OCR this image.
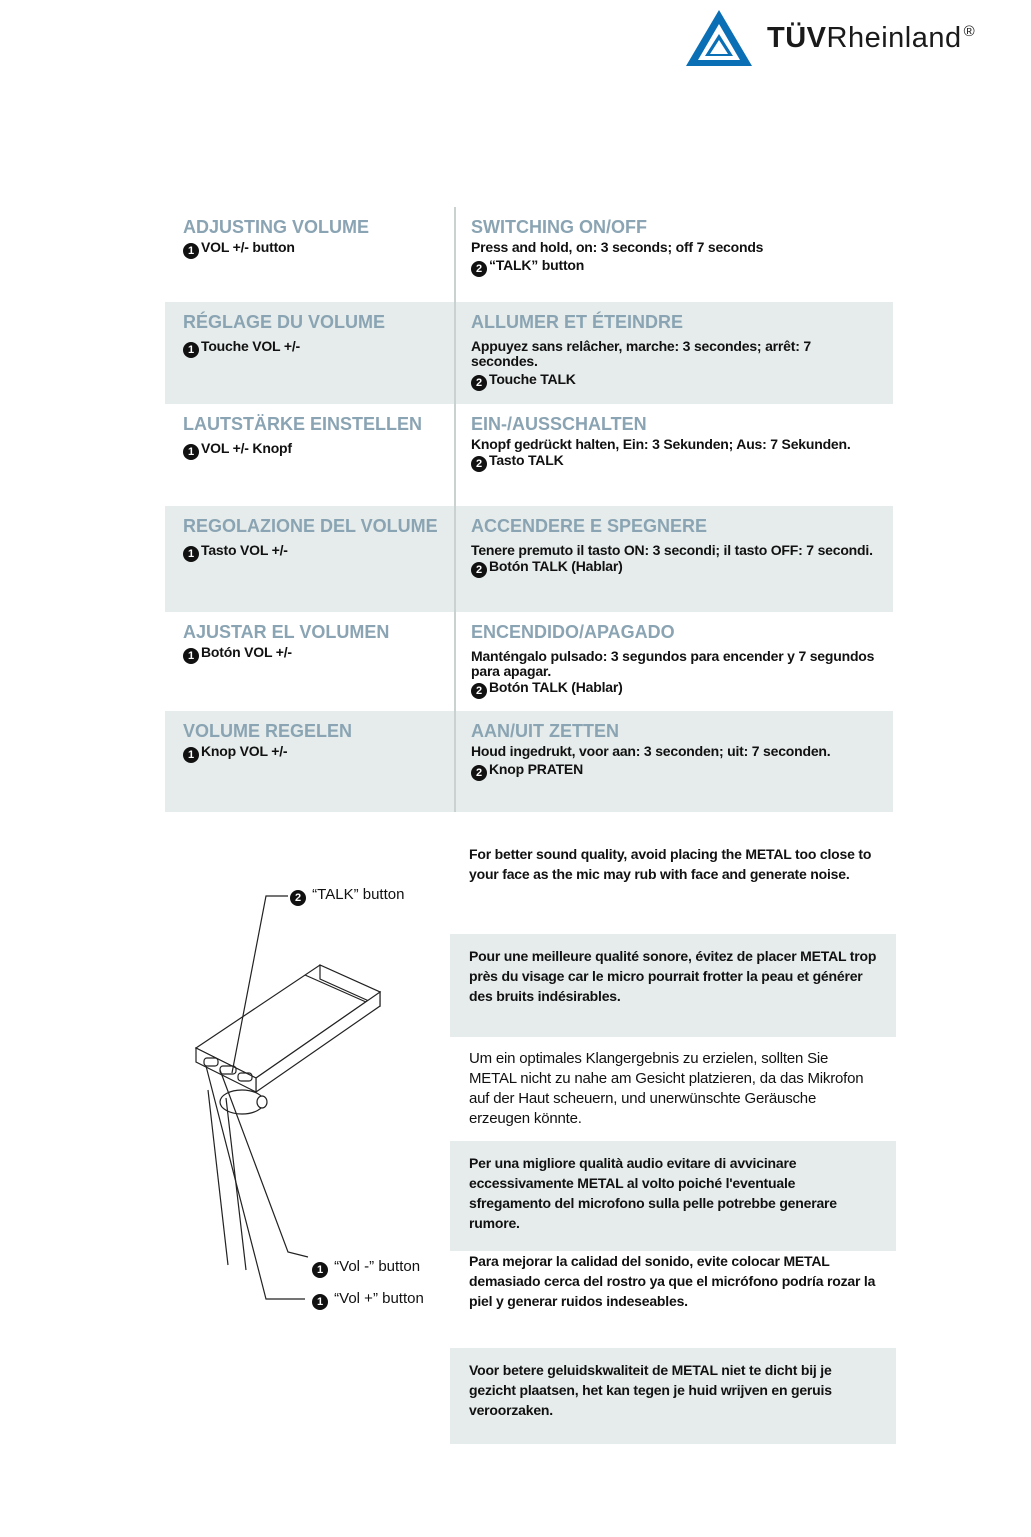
TÜVRheinland ®
ADJUSTING VOLUME
1 VOL +/- button
SWITCHING ON/OFF
Press and hold, on: 3 seconds; off 7 seconds
2 “TALK” button
RÉGLAGE DU VOLUME
1 Touche VOL +/-
ALLUMER ET ÉTEINDRE
Appuyez sans relâcher, marche: 3 secondes; arrêt: 7 secondes.
2 Touche TALK
LAUTSTÄRKE EINSTELLEN
1 VOL +/- Knopf
EIN-/AUSSCHALTEN
Knopf gedrückt halten, Ein: 3 Sekunden; Aus: 7 Sekunden.
2 Tasto TALK
REGOLAZIONE DEL VOLUME
1 Tasto VOL +/-
ACCENDERE E SPEGNERE
Tenere premuto il tasto ON: 3 secondi; il tasto OFF: 7 secondi.
2 Botón TALK (Hablar)
AJUSTAR EL VOLUMEN
1 Botón VOL +/-
ENCENDIDO/APAGADO
Manténgalo pulsado: 3 segundos para encender y 7 segundos para apagar.
2 Botón TALK (Hablar)
VOLUME REGELEN
1 Knop VOL +/-
AAN/UIT ZETTEN
Houd ingedrukt, voor aan: 3 seconden; uit: 7 seconden.
2 Knop PRATEN
2 “TALK” button
1 “Vol -” button
1 “Vol +” button

For better sound quality, avoid placing the METAL too close to your face as the mic may rub with face and generate noise.

Pour une meilleure qualité sonore, évitez de placer METAL trop près du visage car le micro pourrait frotter la peau et générer des bruits indésirables.

Um ein optimales Klangergebnis zu erzielen, sollten Sie METAL nicht zu nahe am Gesicht platzieren, da das Mikrofon auf der Haut scheuern, und unerwünschte Geräusche erzeugen könnte.

Per una migliore qualità audio evitare di avvicinare eccessivamente METAL al volto poiché l'eventuale sfregamento del microfono sulla pelle potrebbe generare rumore.

Para mejorar la calidad del sonido, evite colocar METAL demasiado cerca del rostro ya que el micrófono podría rozar la piel y generar ruidos indeseables.

Voor betere geluidskwaliteit de METAL niet te dicht bij je gezicht plaatsen, het kan tegen je huid wrijven en geruis veroorzaken.
